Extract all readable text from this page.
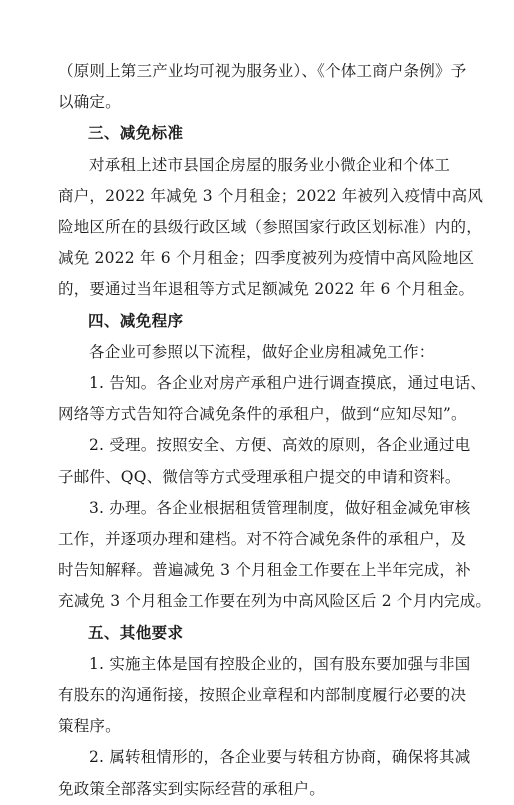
（原则上第三产业均可视为服务业）、《个体工商户条例》予
以确定。

三、减免标准

对承租上述市县国企房屋的服务业小微企业和个体工
商户，2022 年减免 3 个月租金；2022 年被列入疫情中高风
险地区所在的县级行政区域（参照国家行政区划标准）内的，
减免 2022 年 6 个月租金；四季度被列为疫情中高风险地区
的，要通过当年退租等方式足额减免 2022 年 6 个月租金。

四、减免程序

各企业可参照以下流程，做好企业房租减免工作：

1. 告知。各企业对房产承租户进行调查摸底，通过电话、
网络等方式告知符合减免条件的承租户，做到“应知尽知”。

2. 受理。按照安全、方便、高效的原则，各企业通过电
子邮件、QQ、微信等方式受理承租户提交的申请和资料。

3. 办理。各企业根据租赁管理制度，做好租金减免审核
工作，并逐项办理和建档。对不符合减免条件的承租户，及
时告知解释。普遍减免 3 个月租金工作要在上半年完成，补
充减免 3 个月租金工作要在列为中高风险区后 2 个月内完成。

五、其他要求

1. 实施主体是国有控股企业的，国有股东要加强与非国
有股东的沟通衔接，按照企业章程和内部制度履行必要的决
策程序。

2. 属转租情形的，各企业要与转租方协商，确保将其减
免政策全部落实到实际经营的承租户。
